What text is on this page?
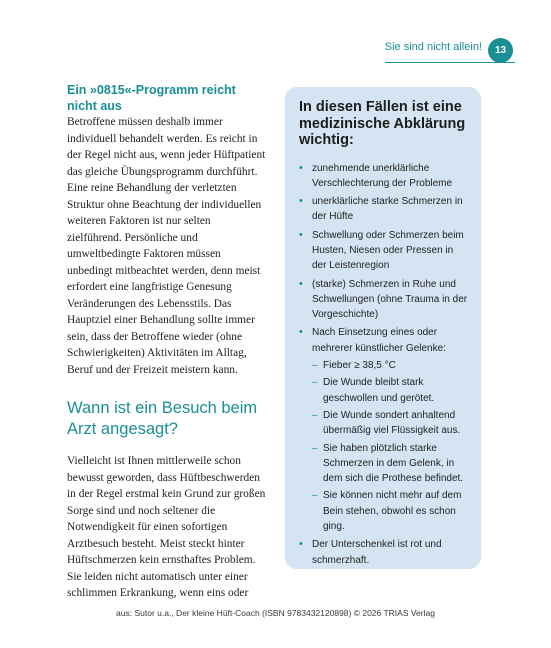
Sie sind nicht allein!	13
Ein »0815«-Programm reicht nicht aus

Betroffene müssen deshalb immer individuell behandelt werden. Es reicht in der Regel nicht aus, wenn jeder Hüftpatient das gleiche Übungsprogramm durchführt. Eine reine Behandlung der verletzten Struktur ohne Beachtung der individuellen weiteren Faktoren ist nur selten zielführend. Persönliche und umweltbedingte Faktoren müssen unbedingt mitbeachtet werden, denn meist erfordert eine langfristige Genesung Veränderungen des Lebensstils. Das Hauptziel einer Behandlung sollte immer sein, dass der Betroffene wieder (ohne Schwierigkeiten) Aktivitäten im Alltag, Beruf und der Freizeit meistern kann.

Wann ist ein Besuch beim Arzt angesagt?

Vielleicht ist Ihnen mittlerweile schon bewusst geworden, dass Hüftbeschwerden in der Regel erstmal kein Grund zur großen Sorge sind und noch seltener die Notwendigkeit für einen sofortigen Arztbesuch besteht. Meist steckt hinter Hüftschmerzen kein ernsthaftes Problem.

Sie leiden nicht automatisch unter einer schlimmen Erkrankung, wenn eins oder

In diesen Fällen ist eine medizinische Abklärung wichtig:
• zunehmende unerklärliche Verschlechterung der Probleme
• unerklärliche starke Schmerzen in der Hüfte
• Schwellung oder Schmerzen beim Husten, Niesen oder Pressen in der Leistenregion
• (starke) Schmerzen in Ruhe und Schwellungen (ohne Trauma in der Vorgeschichte)
• Nach Einsetzung eines oder mehrerer künstlicher Gelenke:
– Fieber ≥ 38,5 °C
– Die Wunde bleibt stark geschwollen und gerötet.
– Die Wunde sondert anhaltend übermäßig viel Flüssigkeit aus.
– Sie haben plötzlich starke Schmerzen in dem Gelenk, in dem sich die Prothese befindet.
– Sie können nicht mehr auf dem Bein stehen, obwohl es schon ging.
• Der Unterschenkel ist rot und schmerzhaft.
aus: Sutor u.a., Der kleine Hüft-Coach (ISBN 9783432120898) © 2026 TRIAS Verlag
